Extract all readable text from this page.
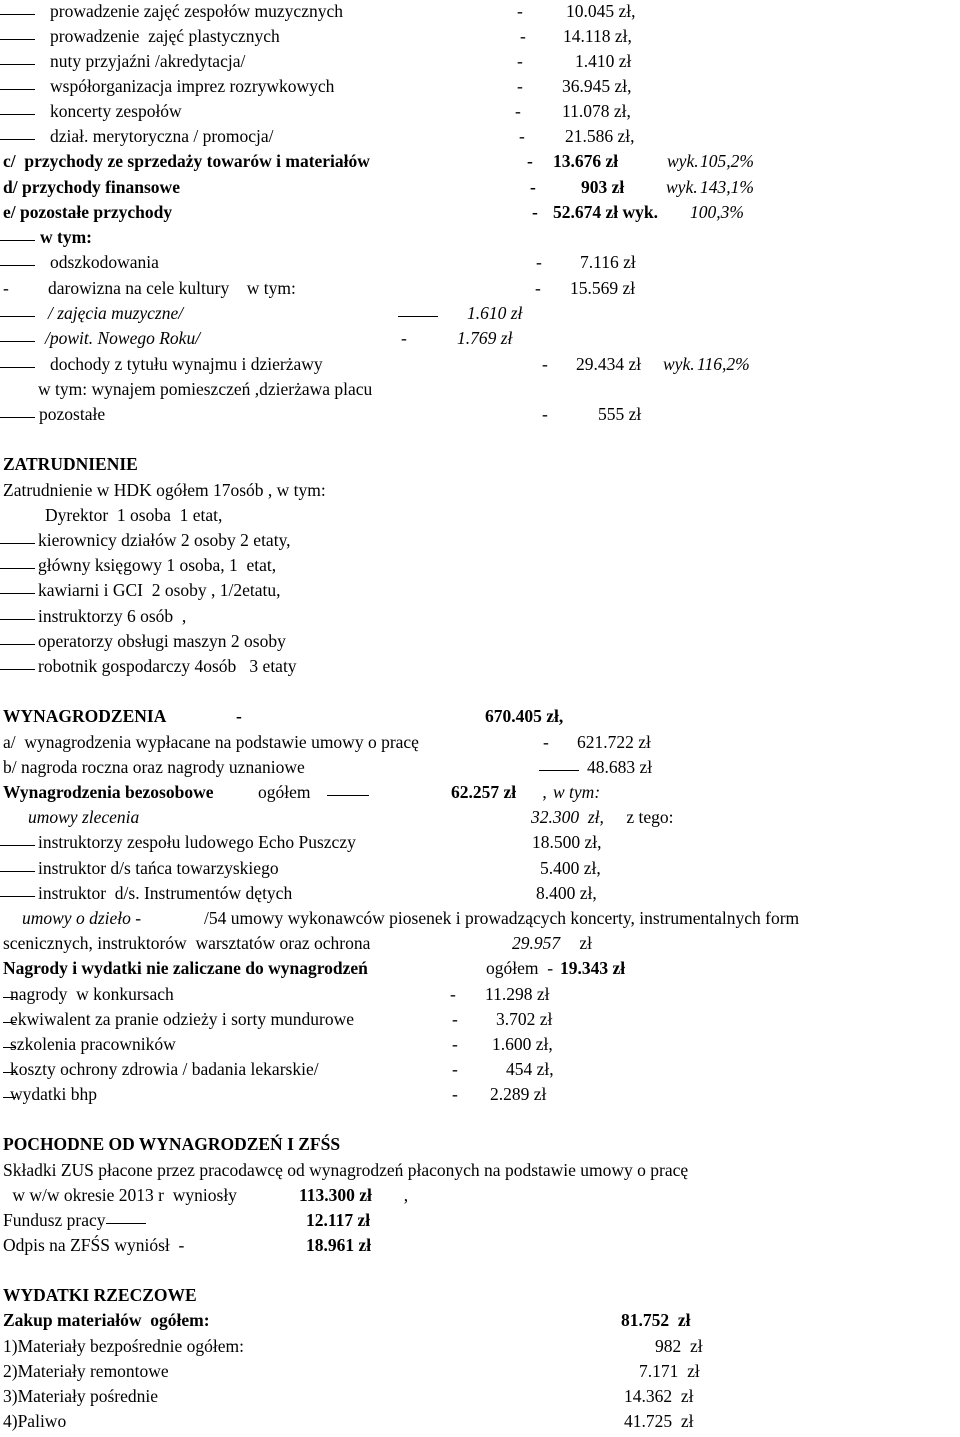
prowadzenie zajęć zespołów muzycznych	- 10.045 zł,
prowadzenie  zajęć plastycznych	- 14.118 zł,
nuty przyjaźni /akredytacja/	-	1.410 zł
współorganizacja imprez rozrywkowych	- 36.945 zł,
koncerty zespołów	- 11.078 zł,
dział. merytoryczna / promocja/	- 21.586 zł,
c/  przychody ze sprzedaży towarów i materiałów	- 13.676 zł	wyk. 105,2%
d/ przychody finansowe	-	903 zł wyk. 143,1%
e/ pozostałe przychody	- 52.674 zł wyk. 100,3%
w tym:
odszkodowania	- 7.116 zł
- darowizna na cele kultury    w tym:	- 15.569 zł
/ zajęcia muzyczne/	1.610 zł
/powit. Nowego Roku/	-	1.769 zł
dochody z tytułu wynajmu i dzierżawy	- 29.434 zł wyk. 116,2%
w tym: wynajem pomieszczeń ,dzierżawa placu
pozostałe	-	555 zł
ZATRUDNIENIE
Zatrudnienie w HDK ogółem 17osób , w tym:
Dyrektor  1 osoba  1 etat,
kierownicy działów 2 osoby 2 etaty,
główny księgowy 1 osoba, 1  etat,
kawiarni i GCI  2 osoby , 1/2etatu,
instruktorzy 6 osób  ,
operatorzy obsługi maszyn 2 osoby
robotnik gospodarczy 4osób   3 etaty
WYNAGRODZENIA	-	670.405 zł,
a/  wynagrodzenia wypłacane na podstawie umowy o pracę	- 621.722 zł
b/ nagroda roczna oraz nagrody uznaniowe	48.683 zł
Wynagrodzenia bezosobowe	ogółem	62.257 zł , w tym:
umowy zlecenia	32.300  zł, z tego:
instruktorzy zespołu ludowego Echo Puszczy	18.500 zł,
instruktor d/s tańca towarzyskiego	5.400 zł,
instruktor  d/s. Instrumentów dętych	8.400 zł,
umowy o dzieło -	/54 umowy wykonawców piosenek i prowadzących koncerty, instrumentalnych form
scenicznych, instruktorów  warsztatów oraz ochrona	29.957 zł
Nagrody i wydatki nie zaliczane do wynagrodzeń	ogółem  - 19.343 zł
nagrody  w konkursach	- 11.298 zł
ekwiwalent za pranie odzieży i sorty mundurowe	- 3.702 zł
szkolenia pracowników	- 1.600 zł,
koszty ochrony zdrowia / badania lekarskie/	-	454 zł,
wydatki bhp	- 2.289 zł
POCHODNE OD WYNAGRODZEŃ I ZFŚS
Składki ZUS płacone przez pracodawcę od wynagrodzeń płaconych na podstawie umowy o pracę
w w/w okresie 2013 r  wyniosły	113.300 zł ,
Fundusz pracy	12.117 zł
Odpis na ZFŚS wyniósł  -	18.961 zł
WYDATKI RZECZOWE
Zakup materiałów  ogółem:	81.752  zł
1)Materiały bezpośrednie ogółem:	982  zł
2)Materiały remontowe	7.171  zł
3)Materiały pośrednie	14.362  zł
4)Paliwo	41.725  zł
